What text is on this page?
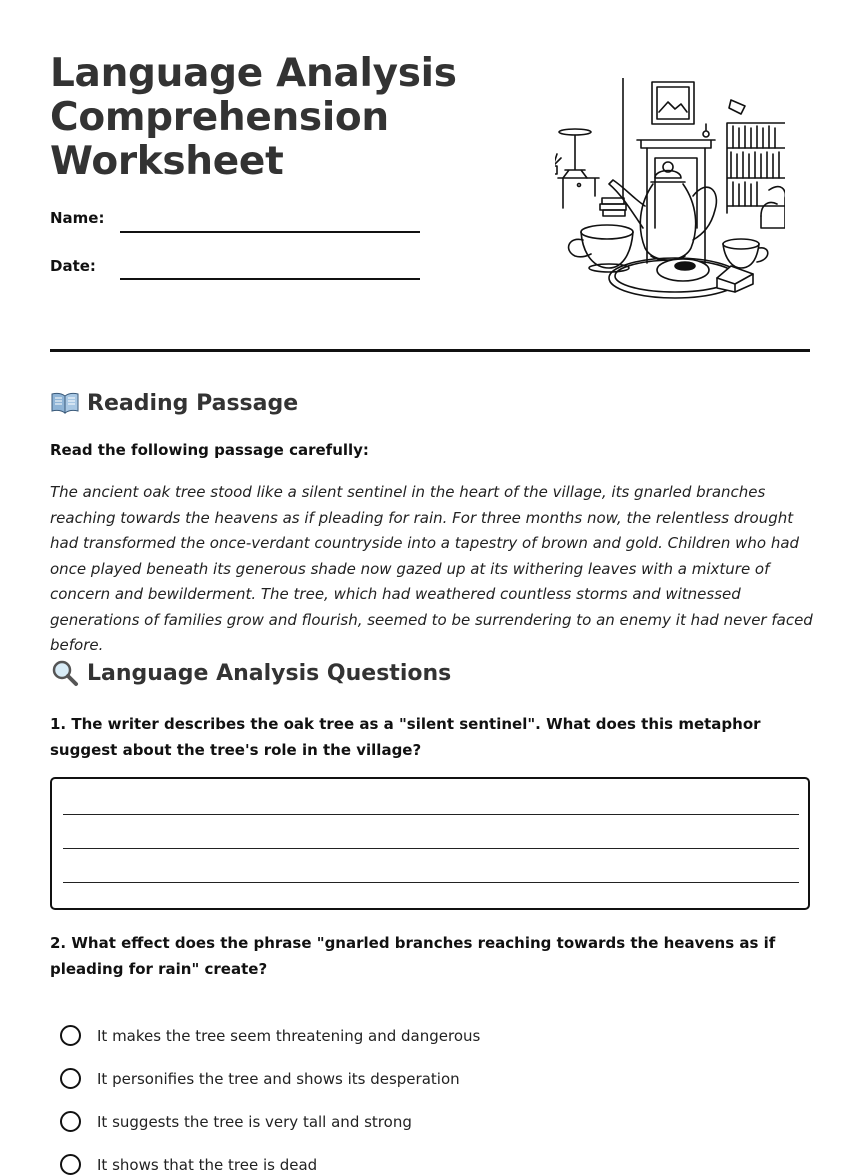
Language Analysis Comprehension Worksheet
Name:
Date:
Reading Passage
Read the following passage carefully:

The ancient oak tree stood like a silent sentinel in the heart of the village, its gnarled branches reaching towards the heavens as if pleading for rain. For three months now, the relentless drought had transformed the once-verdant countryside into a tapestry of brown and gold. Children who had once played beneath its generous shade now gazed up at its withering leaves with a mixture of concern and bewilderment. The tree, which had weathered countless storms and witnessed generations of families grow and flourish, seemed to be surrendering to an enemy it had never faced before.

Language Analysis Questions

1. The writer describes the oak tree as a "silent sentinel". What does this metaphor suggest about the tree's role in the village?

2. What effect does the phrase "gnarled branches reaching towards the heavens as if pleading for rain" create?

It makes the tree seem threatening and dangerous
It personifies the tree and shows its desperation
It suggests the tree is very tall and strong
It shows that the tree is dead
